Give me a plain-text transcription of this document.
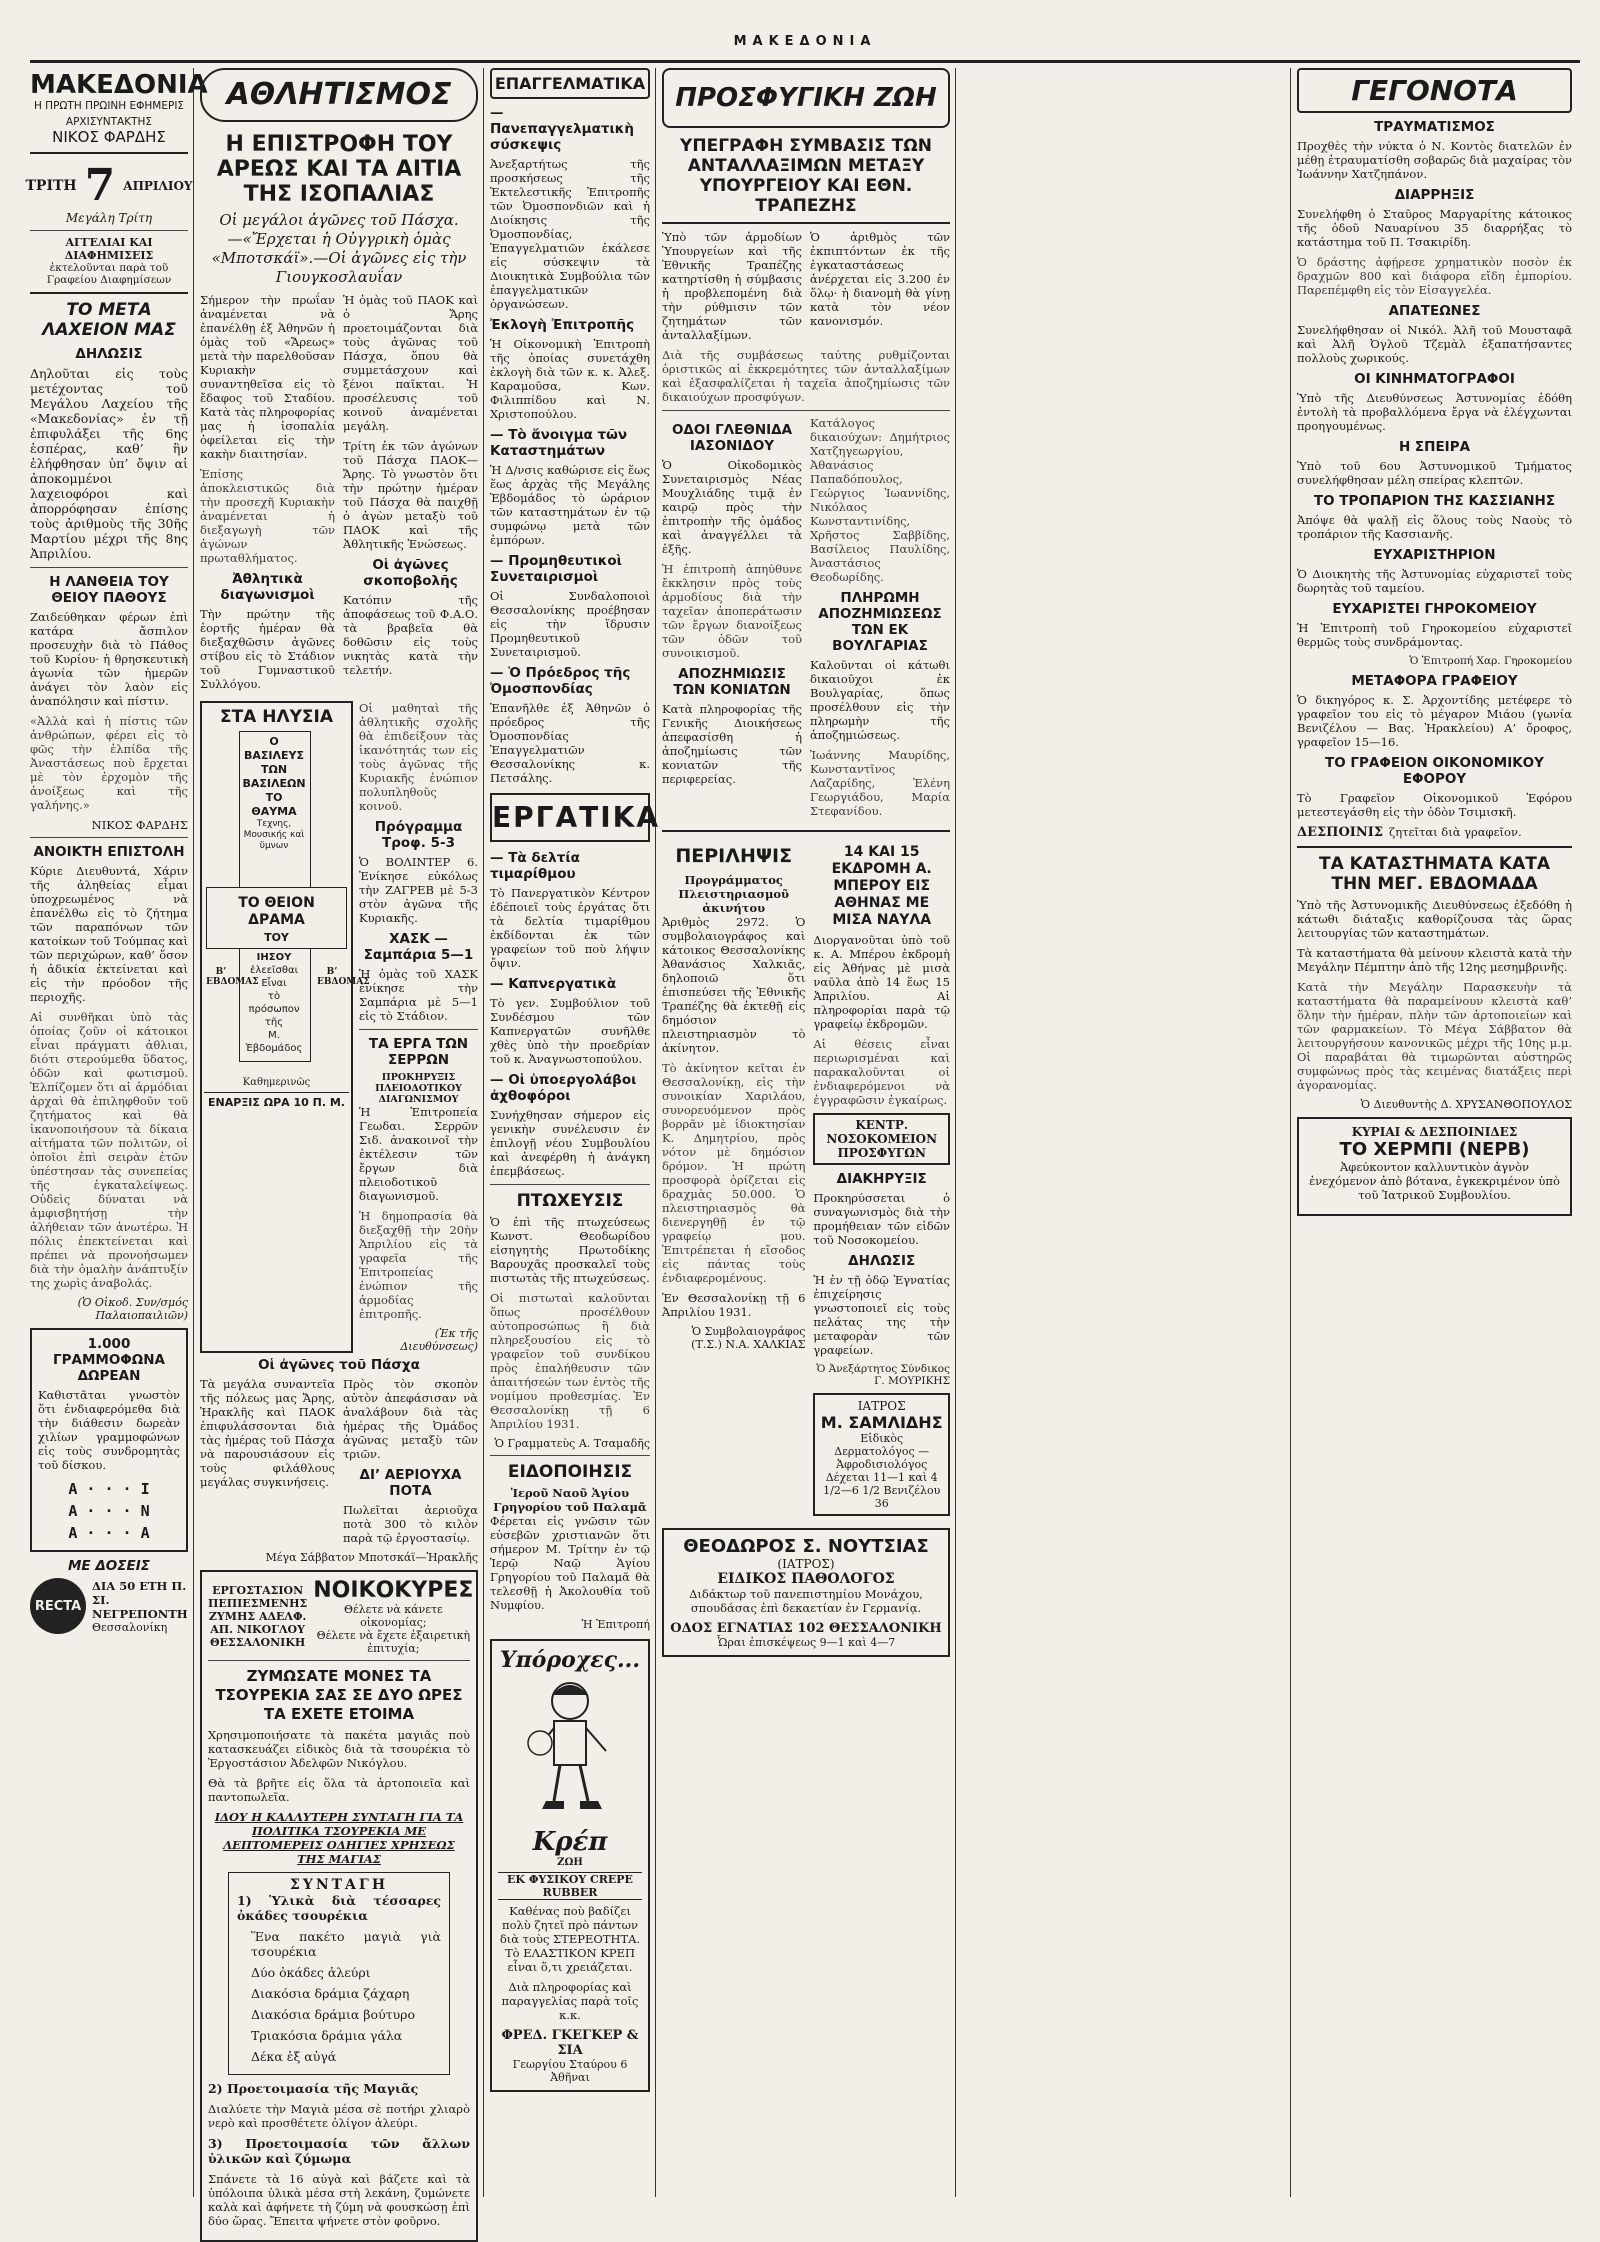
ΜΑΚΕΔΟΝΙΑ
ΜΑΚΕΔΟΝΙΑ
Η ΠΡΩΤΗ ΠΡΩΙΝΗ ΕΦΗΜΕΡΙΣ
ΑΡΧΙΣΥΝΤΑΚΤΗΣ
ΝΙΚΟΣ ΦΑΡΔΗΣ
ΤΡΙΤΗ 7 ΑΠΡΙΛΙΟΥ
Μεγάλη Τρίτη
ΑΓΓΕΛΙΑΙ ΚΑΙ ΔΙΑΦΗΜΙΣΕΙΣ
ἐκτελοῦνται παρὰ τοῦ Γραφείου Διαφημίσεων
ΤΟ ΜΕΤΑ ΛΑΧΕΙΟΝ ΜΑΣ
ΔΗΛΩΣΙΣ

Δηλοῦται εἰς τοὺς μετέχοντας τοῦ Μεγάλου Λαχείου τῆς «Μακεδονίας» ἐν τῇ ἐπιφυλάξει τῆς 6ης ἑσπέρας, καθ’ ἣν ἐλήφθησαν ὑπ’ ὄψιν αἱ ἀποκομμένοι λαχειοφόροι καὶ ἀπορρόφησαν ἐπίσης τοὺς ἀριθμοὺς τῆς 30ῆς Μαρτίου μέχρι τῆς 8ης Ἀπριλίου.

Η ΛΑΝΘΕΙΑ ΤΟΥ ΘΕΙΟΥ ΠΑΘΟΥΣ

Ζαιδεύθηκαν φέρων ἐπὶ κατάρα ἄσπιλον προσευχὴν διὰ τὸ Πάθος τοῦ Κυρίου· ἡ θρησκευτικὴ ἀγωνία τῶν ἡμερῶν ἀνάγει τὸν λαὸν εἰς ἀναπόλησιν καὶ πίστιν.

«Ἀλλὰ καὶ ἡ πίστις τῶν ἀνθρώπων, φέρει εἰς τὸ φῶς τὴν ἐλπίδα τῆς Ἀναστάσεως ποὺ ἔρχεται μὲ τὸν ἐρχομὸν τῆς ἀνοίξεως καὶ τῆς γαλήνης.»

ΝΙΚΟΣ ΦΑΡΔΗΣ
ΑΝΟΙΚΤΗ ΕΠΙΣΤΟΛΗ

Κύριε Διευθυντά, Χάριν τῆς ἀληθείας εἶμαι ὑποχρεωμένος νὰ ἐπανέλθω εἰς τὸ ζήτημα τῶν παραπόνων τῶν κατοίκων τοῦ Τούμπας καὶ τῶν περιχώρων, καθ’ ὅσον ἡ ἀδικία ἐκτείνεται καὶ εἰς τὴν πρόοδον τῆς περιοχῆς.

Αἱ συνθῆκαι ὑπὸ τὰς ὁποίας ζοῦν οἱ κάτοικοι εἶναι πράγματι ἀθλιαι, διότι στερούμεθα ὕδατος, ὁδῶν καὶ φωτισμοῦ. Ἐλπίζομεν ὅτι αἱ ἁρμόδιαι ἀρχαὶ θὰ ἐπιληφθοῦν τοῦ ζητήματος καὶ θὰ ἱκανοποιήσουν τὰ δίκαια αἰτήματα τῶν πολιτῶν, οἱ ὁποῖοι ἐπὶ σειρὰν ἐτῶν ὑπέστησαν τὰς συνεπείας τῆς ἐγκαταλείψεως. Οὐδεὶς δύναται νὰ ἀμφισβητήσῃ τὴν ἀλήθειαν τῶν ἀνωτέρω. Ἡ πόλις ἐπεκτείνεται καὶ πρέπει νὰ προνοήσωμεν διὰ τὴν ὁμαλὴν ἀνάπτυξίν της χωρὶς ἀναβολάς.

(Ὁ Οἰκοδ. Συν/σμός Παλαιοπαιλιῶν)
1.000 ΓΡΑΜΜΟΦΩΝΑ ΔΩΡΕΑΝ

Καθιστᾶται γνωστὸν ὅτι ἐνδιαφερόμεθα διὰ τὴν διάθεσιν δωρεὰν χιλίων γραμμοφώνων εἰς τοὺς συνδρομητὰς τοῦ δίσκου.

Α · · · Ι
Α · · · Ν
Α · · · Α
ΜΕ ΔΟΣΕΙΣ
RECTA
ΔΙΑ 50 ΕΤΗ Π. ΣΙ. ΝΕΓΡΕΠΟΝΤΗ
Θεσσαλονίκη
ΑΘΛΗΤΙΣΜΟΣ
Η ΕΠΙΣΤΡΟΦΗ ΤΟΥ ΑΡΕΩΣ ΚΑΙ ΤΑ ΑΙΤΙΑ ΤΗΣ ΙΣΟΠΑΛΙΑΣ
Οἱ μεγάλοι ἀγῶνες τοῦ Πάσχα.—«Ἔρχεται ἡ Οὐγγρικὴ ὁμὰς «Μποτσκάϊ».—Οἱ ἀγῶνες εἰς τὴν Γιουγκοσλαυΐαν

Σήμερον τὴν πρωΐαν ἀναμένεται νὰ ἐπανέλθῃ ἐξ Ἀθηνῶν ἡ ὁμὰς τοῦ «Ἄρεως» μετὰ τὴν παρελθοῦσαν Κυριακὴν συναντηθεῖσα εἰς τὸ ἔδαφος τοῦ Σταδίου. Κατὰ τὰς πληροφορίας μας ἡ ἰσοπαλία ὀφείλεται εἰς τὴν κακὴν διαιτησίαν.

Ἐπίσης ἀποκλειστικῶς διὰ τὴν προσεχῆ Κυριακὴν ἀναμένεται ἡ διεξαγωγὴ τῶν ἀγώνων πρωταθλήματος.

Ἀθλητικὰ διαγωνισμοὶ

Τὴν πρώτην τῆς ἑορτῆς ἡμέραν θὰ διεξαχθῶσιν ἀγῶνες στίβου εἰς τὸ Στάδιον τοῦ Γυμναστικοῦ Συλλόγου.

Ἡ ὁμὰς τοῦ ΠΑΟΚ καὶ ὁ Ἄρης προετοιμάζονται διὰ τοὺς ἀγῶνας τοῦ Πάσχα, ὅπου θὰ συμμετάσχουν καὶ ξένοι παῖκται. Ἡ προσέλευσις τοῦ κοινοῦ ἀναμένεται μεγάλη.

Τρίτη ἐκ τῶν ἀγώνων τοῦ Πάσχα ΠΑΟΚ—Ἄρης. Τὸ γνωστὸν ὅτι τὴν πρώτην ἡμέραν τοῦ Πάσχα θὰ παιχθῇ ὁ ἀγὼν μεταξὺ τοῦ ΠΑΟΚ καὶ τῆς Ἀθλητικῆς Ἑνώσεως.

Οἱ ἀγῶνες σκοποβολῆς

Κατόπιν τῆς ἀποφάσεως τοῦ Φ.Α.Ο. τὰ βραβεῖα θὰ δοθῶσιν εἰς τοὺς νικητὰς κατὰ τὴν τελετήν.

ΣΤΑ ΗΛΥΣΙΑ
Ο
ΒΑΣΙΛΕΥΣ
ΤΩΝ
ΒΑΣΙΛΕΩΝ
ΤΟ
ΘΑΥΜΑ
Τεχνης, Μουσικής καὶ ὕμνων
ΤΟ ΘΕΙΟΝ ΔΡΑΜΑ
ΤΟΥ
ΙΗΣΟΥ
ἐλεεῖσθαι
Εἶναι
τὸ
πρόσωπον
τῆς
Μ. Ἑβδομάδος
Β’ ΕΒΔΟΜΑΣ
Β’ ΕΒΔΟΜΑΣ
Καθημερινῶς
ΕΝΑΡΞΙΣ ΩΡΑ 10 Π. Μ.

Οἱ μαθηταὶ τῆς ἀθλητικῆς σχολῆς θὰ ἐπιδείξουν τὰς ἱκανότητάς των εἰς τοὺς ἀγῶνας τῆς Κυριακῆς ἐνώπιον πολυπληθοῦς κοινοῦ.

Πρόγραμμα Τροφ. 5-3

Ὁ ΒΟΛΙΝΤΕΡ 6. Ἐνίκησε εὐκόλως τὴν ΖΑΓΡΕΒ μὲ 5-3 στὸν ἀγῶνα τῆς Κυριακῆς.

ΧΑΣΚ — Σαμπάρια 5—1

Ἡ ὁμὰς τοῦ ΧΑΣΚ ἐνίκησε τὴν Σαμπάρια μὲ 5—1 εἰς τὸ Στάδιον.

ΤΑ ΕΡΓΑ ΤΩΝ ΣΕΡΡΩΝ
ΠΡΟΚΗΡΥΞΙΣ ΠΛΕΙΟΔΟΤΙΚΟΥ ΔΙΑΓΩΝΙΣΜΟΥ

Ἡ Ἐπιτροπεία Γεωδαι. Σερρῶν Σιδ. ἀνακοινοῖ τὴν ἐκτέλεσιν τῶν ἔργων διὰ πλειοδοτικοῦ διαγωνισμοῦ.

Ἡ δημοπρασία θὰ διεξαχθῇ τὴν 20ὴν Ἀπριλίου εἰς τὰ γραφεῖα τῆς Ἐπιτροπείας ἐνώπιον τῆς ἁρμοδίας ἐπιτροπῆς.

(Ἐκ τῆς Διευθύνσεως)
Οἱ ἀγῶνες τοῦ Πάσχα

Τὰ μεγάλα συναντεῖα τῆς πόλεως μας Ἄρης, Ἠρακλῆς καὶ ΠΑΟΚ ἐπιφυλάσσονται διὰ τὰς ἡμέρας τοῦ Πάσχα νὰ παρουσιάσουν εἰς τοὺς φιλάθλους μεγάλας συγκινήσεις.

Πρὸς τὸν σκοπὸν αὐτὸν ἀπεφάσισαν νὰ ἀναλάβουν διὰ τὰς ἡμέρας τῆς Ὀμάδος ἀγῶνας μεταξὺ τῶν τριῶν.

ΔΙ’ ΑΕΡΙΟΥΧΑ ΠΟΤΑ

Πωλεῖται ἀεριοῦχα ποτὰ 300 τὸ κιλὸν παρὰ τῷ ἐργοστασίῳ.

Μέγα Σάββατον Μποτσκάϊ—Ἡρακλῆς
ΕΡΓΟΣΤΑΣΙΟΝ ΠΕΠΙΕΣΜΕΝΗΣ ΖΥΜΗΣ ΑΔΕΛΦ. ΑΠ. ΝΙΚΟΓΛΟΥ
ΘΕΣΣΑΛΟΝΙΚΗ
ΝΟΙΚΟΚΥΡΕΣ
Θέλετε νὰ κάνετε οἰκονομίας;
Θέλετε νὰ ἔχετε ἐξαιρετικὴ ἐπιτυχία;
ΖΥΜΩΣΑΤΕ ΜΟΝΕΣ ΤΑ ΤΣΟΥΡΕΚΙΑ ΣΑΣ ΣΕ ΔΥΟ ΩΡΕΣ ΤΑ ΕΧΕΤΕ ΕΤΟΙΜΑ

Χρησιμοποιήσατε τὰ πακέτα μαγιᾶς ποὺ κατασκευάζει εἰδικὸς διὰ τὰ τσουρέκια τὸ Ἐργοστάσιον Ἀδελφῶν Νικόγλου.

Θὰ τὰ βρῆτε εἰς ὅλα τὰ ἀρτοποιεῖα καὶ παντοπωλεῖα.

ΙΔΟΥ Η ΚΑΛΛΥΤΕΡΗ ΣΥΝΤΑΓΗ ΓΙΑ ΤΑ ΠΟΛΙΤΙΚΑ ΤΣΟΥΡΕΚΙΑ ΜΕ ΛΕΠΤΟΜΕΡΕΙΣ ΟΔΗΓΙΕΣ ΧΡΗΣΕΩΣ ΤΗΣ ΜΑΓΙΑΣ
ΣΥΝΤΑΓΗ

1) Ὑλικὰ διὰ τέσσαρες ὀκάδες τσουρέκια

Ἕνα πακέτο μαγιὰ γιὰ τσουρέκια

Δύο ὀκάδες ἀλεύρι

Διακόσια δράμια ζάχαρη

Διακόσια δράμια βούτυρο

Τριακόσια δράμια γάλα

Δέκα ἑξ αὐγά

2) Προετοιμασία τῆς Μαγιᾶς

Διαλύετε τὴν Μαγιὰ μέσα σὲ ποτήρι χλιαρὸ νερὸ καὶ προσθέτετε ὀλίγον ἀλεύρι.

3) Προετοιμασία τῶν ἄλλων ὑλικῶν καὶ ζύμωμα

Σπάνετε τὰ 16 αὐγὰ καὶ βάζετε καὶ τὰ ὑπόλοιπα ὑλικὰ μέσα στὴ λεκάνη, ζυμώνετε καλὰ καὶ ἀφήνετε τὴ ζύμη νὰ φουσκώσῃ ἐπὶ δύο ὥρας. Ἔπειτα ψήνετε στὸν φοῦρνο.

ΕΠΑΓΓΕΛΜΑΤΙΚΑ
— Πανεπαγγελματικὴ σύσκεψις

Ἀνεξαρτήτως τῆς προσκήσεως τῆς Ἑκτελεστικῆς Ἐπιτροπῆς τῶν Ὀμοσπονδιῶν καὶ ἡ Διοίκησις τῆς Ὀμοσπονδίας, Ἐπαγγελματιῶν ἐκάλεσε εἰς σύσκεψιν τὰ Διοικητικὰ Συμβούλια τῶν ἐπαγγελματικῶν ὀργανώσεων.

Ἐκλογὴ Ἐπιτροπῆς

Ἡ Οἰκονομικὴ Ἐπιτροπὴ τῆς ὁποίας συνετάχθη ἐκλογὴ διὰ τῶν κ. κ. Ἀλεξ. Καραμοῦσα, Κων. Φιλιππίδου καὶ Ν. Χριστοπούλου.

— Τὸ ἄνοιγμα τῶν Καταστημάτων

Ἡ Δ/νσις καθώρισε εἰς ἕως ἕως ἀρχὰς τῆς Μεγάλης Ἑβδομάδος τὸ ὡράριον τῶν καταστημάτων ἐν τῷ συμφώνῳ μετὰ τῶν ἐμπόρων.

— Προμηθευτικοὶ Συνεταιρισμοὶ

Οἱ Συνδαλοποιοὶ Θεσσαλονίκης προέβησαν εἰς τὴν ἵδρυσιν Προμηθευτικοῦ Συνεταιρισμοῦ.

— Ὁ Πρόεδρος τῆς Ὀμοσπονδίας

Ἐπανῆλθε ἐξ Ἀθηνῶν ὁ πρόεδρος τῆς Ὀμοσπονδίας Ἐπαγγελματιῶν Θεσσαλονίκης κ. Πετσάλης.

ΕΡΓΑΤΙΚΑ
— Τὰ δελτία τιμαρίθμου

Τὸ Πανεργατικὸν Κέντρον ἐδέποιεῖ τοὺς ἐργάτας ὅτι τὰ δελτία τιμαρίθμου ἐκδίδονται ἐκ τῶν γραφείων τοῦ ποὺ λήψιν ὄψιν.

— Καπνεργατικὰ

Τὸ γεν. Συμβούλιον τοῦ Συνδέσμου τῶν Καπνεργατῶν συνῆλθε χθὲς ὑπὸ τὴν προεδρίαν τοῦ κ. Ἀναγνωστοπούλου.

— Οἱ ὑποεργολάβοι ἀχθοφόροι

Συνήχθησαν σήμερον εἰς γενικὴν συνέλευσιν ἐν ἐπιλογῇ νέου Συμβουλίου καὶ ἀνεφέρθη ἡ ἀνάγκη ἐπεμβάσεως.

ΠΤΩΧΕΥΣΙΣ

Ὁ ἐπὶ τῆς πτωχεύσεως Κωνστ. Θεοδωρίδου εἰσηγητὴς Πρωτοδίκης Βαρουχᾶς προσκαλεῖ τοὺς πιστωτὰς τῆς πτωχεύσεως.

Οἱ πιστωταὶ καλοῦνται ὅπως προσέλθουν αὐτοπροσώπως ἢ διὰ πληρεξουσίου εἰς τὸ γραφεῖον τοῦ συνδίκου πρὸς ἐπαλήθευσιν τῶν ἀπαιτήσεών των ἐντὸς τῆς νομίμου προθεσμίας. Ἐν Θεσσαλονίκῃ τῇ 6 Ἀπριλίου 1931.

Ὁ Γραμματεὺς Α. Τσαμαδῆς
ΕΙΔΟΠΟΙΗΣΙΣ
Ἱεροῦ Ναοῦ Ἁγίου Γρηγορίου τοῦ Παλαμᾶ

Φέρεται εἰς γνῶσιν τῶν εὐσεβῶν χριστιανῶν ὅτι σήμερον Μ. Τρίτην ἐν τῷ Ἱερῷ Ναῷ Ἁγίου Γρηγορίου τοῦ Παλαμᾶ θὰ τελεσθῇ ἡ Ἀκολουθία τοῦ Νυμφίου.

Ἡ Ἐπιτροπή
Υπόροχες...
Κρέπ
ΖΩΗ
ΕΚ ΦΥΣΙΚΟΥ CREPE RUBBER

Καθένας ποὺ βαδίζει πολὺ ζητεῖ πρὸ πάντων διὰ τοὺς ΣΤΕΡΕΟΤΗΤΑ. Τὸ ΕΛΑΣΤΙΚΟΝ ΚΡΕΠ εἶναι ὅ,τι χρειάζεται.

Διὰ πληροφορίας καὶ παραγγελίας παρὰ τοῖς κ.κ.

ΦΡΕΔ. ΓΚΕΓΚΕΡ & ΣΙΑ
Γεωργίου Σταύρου 6 Ἀθῆναι
ΠΡΟΣΦΥΓΙΚΗ ΖΩΗ
ΥΠΕΓΡΑΦΗ ΣΥΜΒΑΣΙΣ ΤΩΝ ΑΝΤΑΛΛΑΞΙΜΩΝ ΜΕΤΑΞΥ ΥΠΟΥΡΓΕΙΟΥ ΚΑΙ ΕΘΝ. ΤΡΑΠΕΖΗΣ

Ὑπὸ τῶν ἁρμοδίων Ὑπουργείων καὶ τῆς Ἐθνικῆς Τραπέζης κατηρτίσθη ἡ σύμβασις ἡ προβλεπομένη διὰ τὴν ρύθμισιν τῶν ζητημάτων τῶν ἀνταλλαξίμων.

Ὁ ἀριθμὸς τῶν ἐκπιπτόντων ἐκ τῆς ἐγκαταστάσεως ἀνέρχεται εἰς 3.200 ἐν ὅλῳ· ἡ διανομὴ θὰ γίνῃ κατὰ τὸν νέον κανονισμόν.

Διὰ τῆς συμβάσεως ταύτης ρυθμίζονται ὁριστικῶς αἱ ἐκκρεμότητες τῶν ἀνταλλαξίμων καὶ ἐξασφαλίζεται ἡ ταχεῖα ἀποζημίωσις τῶν δικαιούχων προσφύγων.

ΟΔΟΙ ΓΛΕΘΝΙΔΑ ΙΑΣΟΝΙΔΟΥ

Ὁ Οἰκοδομικὸς Συνεταιρισμὸς Νέας Μουχλιάδης τιμᾷ ἐν καιρῷ πρὸς τὴν ἐπιτροπὴν τῆς ὁμάδος καὶ ἀναγγέλλει τὰ ἑξῆς.

Ἡ ἐπιτροπὴ ἀπηύθυνε ἔκκλησιν πρὸς τοὺς ἁρμοδίους διὰ τὴν ταχεῖαν ἀποπεράτωσιν τῶν ἔργων διανοίξεως τῶν ὁδῶν τοῦ συνοικισμοῦ.

ΑΠΟΖΗΜΙΩΣΙΣ ΤΩΝ ΚΟΝΙΑΤΩΝ

Κατὰ πληροφορίας τῆς Γενικῆς Διοικήσεως ἀπεφασίσθη ἡ ἀποζημίωσις τῶν κονιατῶν τῆς περιφερείας.

Κατάλογος δικαιούχων: Δημήτριος Χατζηγεωργίου, Ἀθανάσιος Παπαδόπουλος, Γεώργιος Ἰωαννίδης, Νικόλαος Κωνσταντινίδης, Χρῆστος Σαββίδης, Βασίλειος Παυλίδης, Ἀναστάσιος Θεοδωρίδης.

ΠΛΗΡΩΜΗ ΑΠΟΖΗΜΙΩΣΕΩΣ ΤΩΝ ΕΚ ΒΟΥΛΓΑΡΙΑΣ

Καλοῦνται οἱ κάτωθι δικαιοῦχοι ἐκ Βουλγαρίας, ὅπως προσέλθουν εἰς τὴν πληρωμὴν τῆς ἀποζημιώσεως.

Ἰωάννης Μαυρίδης, Κωνσταντῖνος Λαζαρίδης, Ἐλένη Γεωργιάδου, Μαρία Στεφανίδου.

ΠΕΡΙΛΗΨΙΣ
Προγράμματος Πλειστηριασμοῦ ἀκινήτου

Ἀριθμὸς 2972. Ὁ συμβολαιογράφος καὶ κάτοικος Θεσσαλονίκης Ἀθανάσιος Χαλκιᾶς, δηλοποιῶ ὅτι ἐπισπεύσει τῆς Ἐθνικῆς Τραπέζης θὰ ἐκτεθῇ εἰς δημόσιον πλειστηριασμὸν τὸ ἀκίνητον.

Τὸ ἀκίνητον κεῖται ἐν Θεσσαλονίκῃ, εἰς τὴν συνοικίαν Χαριλάου, συνορευόμενον πρὸς βορρᾶν μὲ ἰδιοκτησίαν Κ. Δημητρίου, πρὸς νότον μὲ δημόσιον δρόμον. Ἡ πρώτη προσφορὰ ὁρίζεται εἰς δραχμὰς 50.000. Ὁ πλειστηριασμὸς θὰ διενεργηθῇ ἐν τῷ γραφείῳ μου. Ἐπιτρέπεται ἡ εἴσοδος εἰς πάντας τοὺς ἐνδιαφερομένους.

Ἐν Θεσσαλονίκῃ τῇ 6 Ἀπριλίου 1931.

Ὁ Συμβολαιογράφος (Τ.Σ.) Ν.Α. ΧΑΛΚΙΑΣ
14 ΚΑΙ 15 ΕΚΔΡΟΜΗ Α. ΜΠΕΡΟΥ ΕΙΣ ΑΘΗΝΑΣ ΜΕ ΜΙΣΑ ΝΑΥΛΑ

Διοργανοῦται ὑπὸ τοῦ κ. Α. Μπέρου ἐκδρομὴ εἰς Ἀθήνας μὲ μισὰ ναῦλα ἀπὸ 14 ἕως 15 Ἀπριλίου. Αἱ πληροφορίαι παρὰ τῷ γραφείῳ ἐκδρομῶν.

Αἱ θέσεις εἶναι περιωρισμέναι καὶ παρακαλοῦνται οἱ ἐνδιαφερόμενοι νὰ ἐγγραφῶσιν ἐγκαίρως.

ΚΕΝΤΡ. ΝΟΣΟΚΟΜΕΙΟΝ ΠΡΟΣΦΥΓΩΝ
ΔΙΑΚΗΡΥΞΙΣ

Προκηρύσσεται ὁ συναγωνισμὸς διὰ τὴν προμήθειαν τῶν εἰδῶν τοῦ Νοσοκομείου.

ΔΗΛΩΣΙΣ

Ἡ ἐν τῇ ὁδῷ Ἐγνατίας ἐπιχείρησις γνωστοποιεῖ εἰς τοὺς πελάτας της τὴν μεταφορὰν τῶν γραφείων.

Ὁ Ἀνεξάρτητος Σύνδικος Γ. ΜΟΥΡΙΚΗΣ
ΙΑΤΡΟΣ
Μ. ΣΑΜΛΙΔΗΣ
Εἰδικὸς Δερματολόγος — Ἀφροδισιολόγος
Δέχεται 11—1 καὶ 4 1/2—6 1/2 Βενιζέλου 36
ΘΕΟΔΩΡΟΣ Σ. ΝΟΥΤΣΙΑΣ
(ΙΑΤΡΟΣ)
ΕΙΔΙΚΟΣ ΠΑΘΟΛΟΓΟΣ

Διδάκτωρ τοῦ πανεπιστημίου Μονάχου, σπουδάσας ἐπὶ δεκαετίαν ἐν Γερμανίᾳ.

ΟΔΟΣ ΕΓΝΑΤΙΑΣ 102 ΘΕΣΣΑΛΟΝΙΚΗ
Ὧραι ἐπισκέψεως 9—1 καὶ 4—7
ΓΕΓΟΝΟΤΑ
ΤΡΑΥΜΑΤΙΣΜΟΣ

Προχθὲς τὴν νύκτα ὁ Ν. Κοντὸς διατελῶν ἐν μέθῃ ἐτραυματίσθη σοβαρῶς διὰ μαχαίρας τὸν Ἰωάννην Χατζηπάνον.

ΔΙΑΡΡΗΞΙΣ

Συνελήφθη ὁ Σταῦρος Μαργαρίτης κάτοικος τῆς ὁδοῦ Ναυαρίνου 35 διαρρήξας τὸ κατάστημα τοῦ Π. Τσακιρίδη.

Ὁ δράστης ἀφῄρεσε χρηματικὸν ποσὸν ἐκ δραχμῶν 800 καὶ διάφορα εἴδη ἐμπορίου. Παρεπέμφθη εἰς τὸν Εἰσαγγελέα.

ΑΠΑΤΕΩΝΕΣ

Συνελήφθησαν οἱ Νικόλ. Ἀλῆ τοῦ Μουσταφᾶ καὶ Ἀλῆ Ὀγλοῦ Τζεμὰλ ἐξαπατήσαντες πολλοὺς χωρικούς.

ΟΙ ΚΙΝΗΜΑΤΟΓΡΑΦΟΙ

Ὑπὸ τῆς Διευθύνσεως Ἀστυνομίας ἐδόθη ἐντολὴ τὰ προβαλλόμενα ἔργα νὰ ἐλέγχωνται προηγουμένως.

Η ΣΠΕΙΡΑ

Ὑπὸ τοῦ 6ου Ἀστυνομικοῦ Τμήματος συνελήφθησαν μέλη σπείρας κλεπτῶν.

ΤΟ ΤΡΟΠΑΡΙΟΝ ΤΗΣ ΚΑΣΣΙΑΝΗΣ

Ἀπόψε θὰ ψαλῇ εἰς ὅλους τοὺς Ναοὺς τὸ τροπάριον τῆς Κασσιανῆς.

ΕΥΧΑΡΙΣΤΗΡΙΟΝ

Ὁ Διοικητὴς τῆς Ἀστυνομίας εὐχαριστεῖ τοὺς δωρητὰς τοῦ ταμείου.

ΕΥΧΑΡΙΣΤΕΙ ΓΗΡΟΚΟΜΕΙΟΥ

Ἡ Ἐπιτροπὴ τοῦ Γηροκομείου εὐχαριστεῖ θερμῶς τοὺς συνδράμοντας.

Ὁ Ἐπιτροπή Χαρ. Γηροκομείου
ΜΕΤΑΦΟΡΑ ΓΡΑΦΕΙΟΥ

Ὁ δικηγόρος κ. Σ. Ἀρχοντίδης μετέφερε τὸ γραφεῖον του εἰς τὸ μέγαρον Μιάου (γωνία Βενιζέλου — Βας. Ἡρακλείου) Α’ ὄροφος, γραφεῖον 15—16.

ΤΟ ΓΡΑΦΕΙΟΝ ΟΙΚΟΝΟΜΙΚΟΥ ΕΦΟΡΟΥ

Τὸ Γραφεῖον Οἰκονομικοῦ Ἐφόρου μετεστεγάσθη εἰς τὴν ὁδὸν Τσιμισκῆ.

ΔΕΣΠΟΙΝΙΣ ζητεῖται διὰ γραφεῖον.
ΤΑ ΚΑΤΑΣΤΗΜΑΤΑ ΚΑΤΑ ΤΗΝ ΜΕΓ. ΕΒΔΟΜΑΔΑ

Ὑπὸ τῆς Ἀστυνομικῆς Διευθύνσεως ἐξεδόθη ἡ κάτωθι διάταξις καθορίζουσα τὰς ὥρας λειτουργίας τῶν καταστημάτων.

Τὰ καταστήματα θὰ μείνουν κλειστὰ κατὰ τὴν Μεγάλην Πέμπτην ἀπὸ τῆς 12ης μεσημβρινῆς.

Κατὰ τὴν Μεγάλην Παρασκευὴν τὰ καταστήματα θὰ παραμείνουν κλειστὰ καθ’ ὅλην τὴν ἡμέραν, πλὴν τῶν ἀρτοποιείων καὶ τῶν φαρμακείων. Τὸ Μέγα Σάββατον θὰ λειτουργήσουν κανονικῶς μέχρι τῆς 10ης μ.μ. Οἱ παραβάται θὰ τιμωρῶνται αὐστηρῶς συμφώνως πρὸς τὰς κειμένας διατάξεις περὶ ἀγορανομίας.

Ὁ Διευθυντὴς Δ. ΧΡΥΣΑΝΘΟΠΟΥΛΟΣ
ΚΥΡΙΑΙ & ΔΕΣΠΟΙΝΙΔΕΣ
ΤΟ ΧΕΡΜΠΙ (ΝΕΡΒ)

Ἀφεύκοντον καλλυντικὸν ἀγνὸν ἐνεχόμενον ἀπὸ βότανα, ἐγκεκριμένον ὑπὸ τοῦ Ἰατρικοῦ Συμβουλίου.
